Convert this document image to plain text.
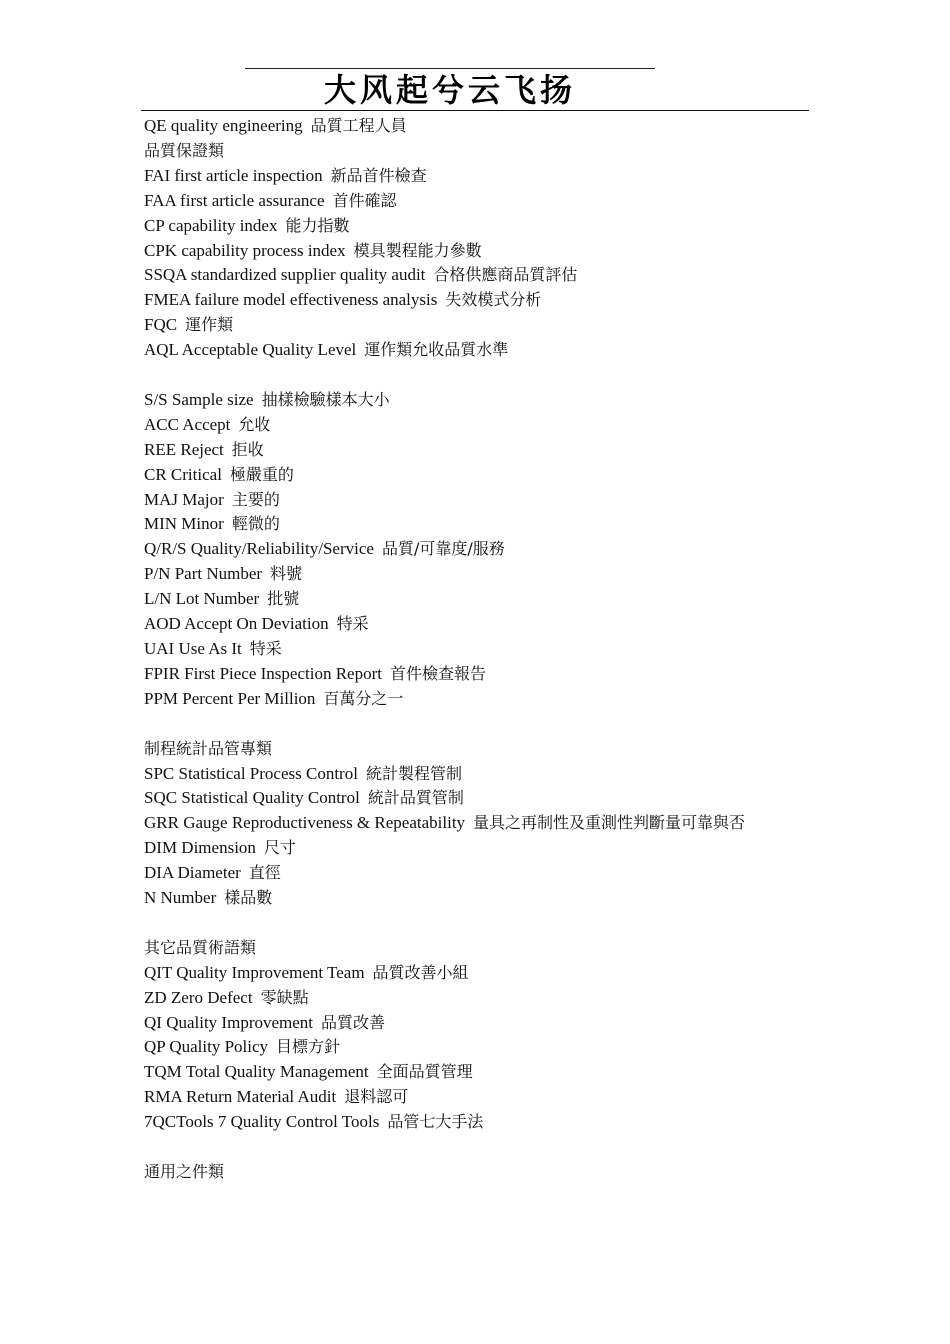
大风起兮云飞扬
QE quality engineering 品質工程人員
品質保證類
FAI first article inspection 新品首件檢查
FAA first article assurance 首件確認
CP capability index 能力指數
CPK capability process index 模具製程能力參數
SSQA standardized supplier quality audit 合格供應商品質評估
FMEA failure model effectiveness analysis 失效模式分析
FQC 運作類
AQL Acceptable Quality Level 運作類允收品質水準
S/S Sample size 抽樣檢驗樣本大小
ACC Accept 允收
REE Reject 拒收
CR Critical 極嚴重的
MAJ Major 主要的
MIN Minor 輕微的
Q/R/S Quality/Reliability/Service 品質/可靠度/服務
P/N Part Number 料號
L/N Lot Number 批號
AOD Accept On Deviation 特采
UAI Use As It 特采
FPIR First Piece Inspection Report 首件檢查報告
PPM Percent Per Million 百萬分之一
制程統計品管專類
SPC Statistical Process Control 統計製程管制
SQC Statistical Quality Control 統計品質管制
GRR Gauge Reproductiveness & Repeatability 量具之再制性及重測性判斷量可靠與否
DIM Dimension 尺寸
DIA Diameter 直徑
N Number 樣品數
其它品質術語類
QIT Quality Improvement Team 品質改善小組
ZD Zero Defect 零缺點
QI Quality Improvement 品質改善
QP Quality Policy 目標方針
TQM Total Quality Management 全面品質管理
RMA Return Material Audit 退料認可
7QCTools 7 Quality Control Tools 品管七大手法
通用之件類
